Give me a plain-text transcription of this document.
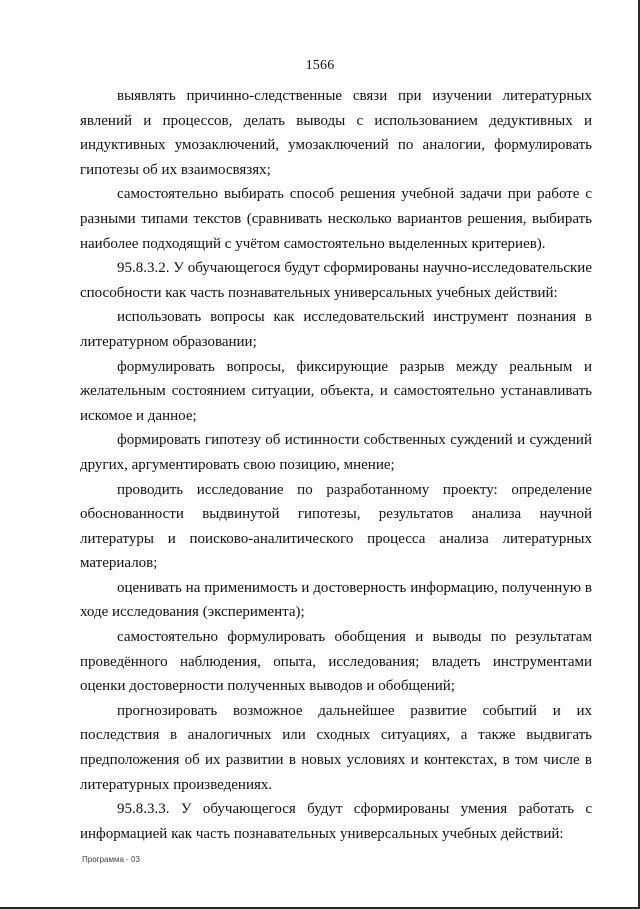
1566

выявлять причинно-следственные связи при изучении литературных явлений и процессов, делать выводы с использованием дедуктивных и индуктивных умозаключений, умозаключений по аналогии, формулировать гипотезы об их взаимосвязях;

самостоятельно выбирать способ решения учебной задачи при работе с разными типами текстов (сравнивать несколько вариантов решения, выбирать наиболее подходящий с учётом самостоятельно выделенных критериев).

95.8.3.2. У обучающегося будут сформированы научно-исследовательские способности как часть познавательных универсальных учебных действий:

использовать вопросы как исследовательский инструмент познания в литературном образовании;

формулировать вопросы, фиксирующие разрыв между реальным и желательным состоянием ситуации, объекта, и самостоятельно устанавливать искомое и данное;

формировать гипотезу об истинности собственных суждений и суждений других, аргументировать свою позицию, мнение;

проводить исследование по разработанному проекту: определение обоснованности выдвинутой гипотезы, результатов анализа научной литературы и поисково-аналитического процесса анализа литературных материалов;

оценивать на применимость и достоверность информацию, полученную в ходе исследования (эксперимента);

самостоятельно формулировать обобщения и выводы по результатам проведённого наблюдения, опыта, исследования; владеть инструментами оценки достоверности полученных выводов и обобщений;

прогнозировать возможное дальнейшее развитие событий и их последствия в аналогичных или сходных ситуациях, а также выдвигать предположения об их развитии в новых условиях и контекстах, в том числе в литературных произведениях.

95.8.3.3. У обучающегося будут сформированы умения работать с информацией как часть познавательных универсальных учебных действий:

Программа - 03
